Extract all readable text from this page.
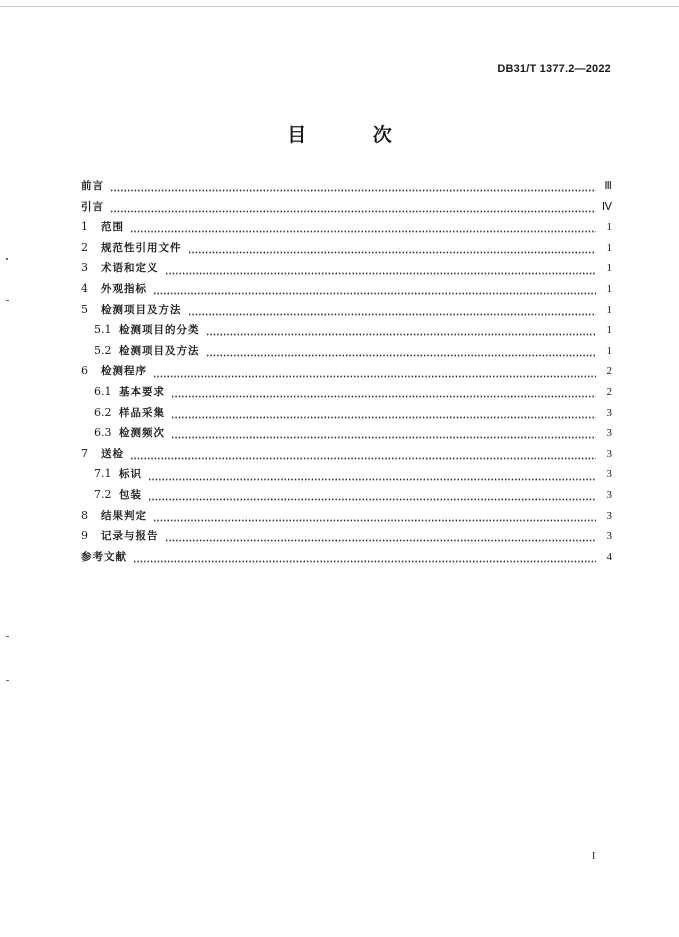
DB31/T 1377.2—2022
目 次
前言	Ⅲ
引言	Ⅳ
1	范围	1
2	规范性引用文件	1
3	术语和定义	1
4	外观指标	1
5	检测项目及方法	1
5.1 检测项目的分类	1
5.2 检测项目及方法	1
6	检测程序	2
6.1 基本要求	2
6.2 样品采集	3
6.3 检测频次	3
7	送检	3
7.1 标识	3
7.2 包装	3
8	结果判定	3
9	记录与报告	3
参考文献	4
I
